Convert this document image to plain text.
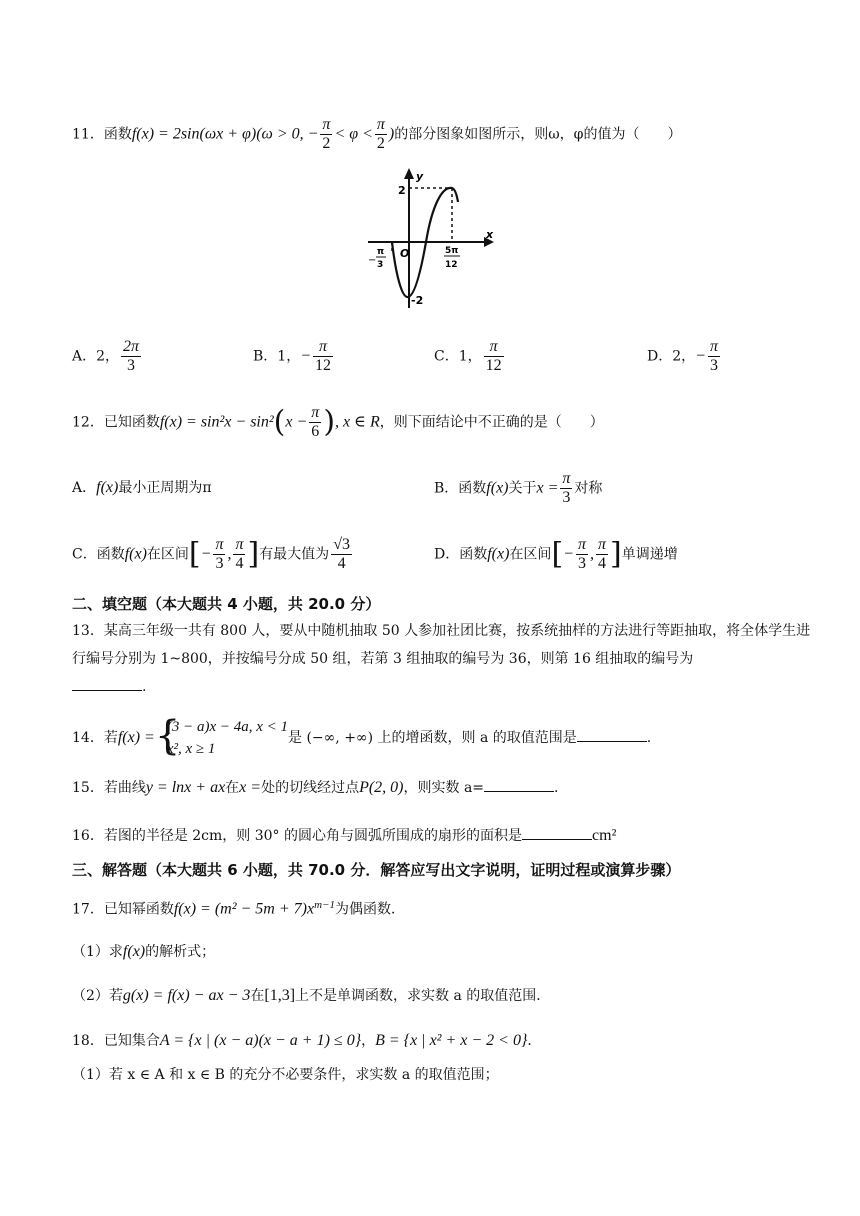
11．函数f(x) = 2sin(ωx + φ)(ω > 0, − $\frac{\pi}{2} < \varphi < \frac{\pi}{2}$ )的部分图象如图所示，则ω，φ的值为（　　）
y
x
2
-2
O
−
π
3
5π
12
A．2， $\frac{2\pi}{3}$	B．1，− $\frac{\pi}{12}$	C．1， $\frac{\pi}{12}$	D．2，− $\frac{\pi}{3}$
12．已知函数$f(x) = \sin^2x - \sin^2(x - \frac{\pi}{6}$ ), x ∈ R，则下面结论中不正确的是（　　）
A．f(x)最小正周期为π	B．函数f(x)关于$x = \frac{\pi}{3}$ 对称
C．函数f(x)在区间[− $\frac{\pi}{3}$ , $\frac{\pi}{4}$ ]有最大值为 $\frac{√3}{4}$	D．函数f(x)在区间[− $\frac{\pi}{3}$ , $\frac{\pi}{4}$ ]单调递增
二、填空题（本大题共 4 小题，共 20.0 分）
13．某高三年级一共有 800 人，要从中随机抽取 50 人参加社团比赛，按系统抽样的方法进行等距抽取，将全体学生进行编号分别为 1~800，并按编号分成 50 组，若第 3 组抽取的编号为 36，则第 16 组抽取的编号为
.
14．若f(x) = {
(3 − a)x − 4a, x < 1
x², x ≥ 1
是 (−∞, +∞) 上的增函数，则 a 的取值范围是	.
15．若曲线y = lnx + ax在x =处的切线经过点P(2, 0)，则实数 a=	.
16．若图的半径是 2cm，则 30° 的圆心角与圆弧所围成的扇形的面积是	cm²
三、解答题（本大题共 6 小题，共 70.0 分．解答应写出文字说明，证明过程或演算步骤）
17．已知幂函数$f(x) = (m^2 - 5m + 7)x^{m-1}$为偶函数．
（1）求f(x)的解析式；
（2）若g(x) = f(x) − ax − 3在[1,3]上不是单调函数，求实数 a 的取值范围．
18．已知集合A = {x | (x − a)(x − a + 1) ≤ 0}，B = {x | x² + x − 2 < 0}．
（1）若 x ∈ A 和 x ∈ B 的充分不必要条件，求实数 a 的取值范围；
